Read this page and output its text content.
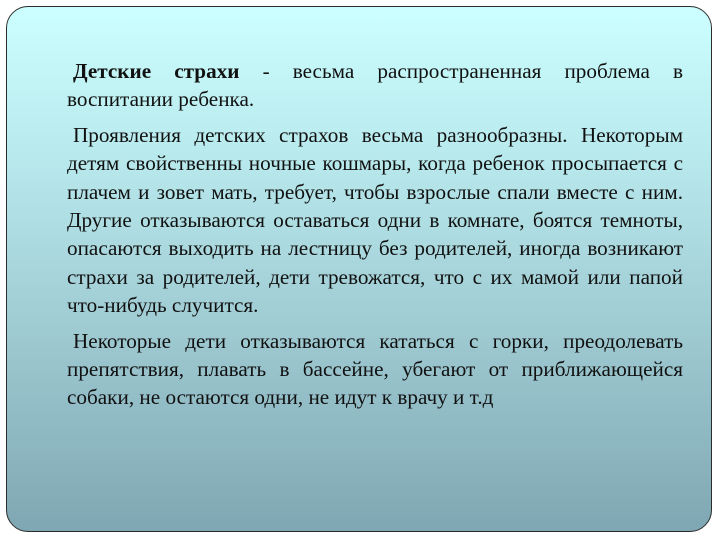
Детские страхи - весьма распространенная проблема в воспитании ребенка.

Проявления детских страхов весьма разнообразны. Некоторым детям свойственны ночные кошмары, когда ребенок просыпается с плачем и зовет мать, требует, чтобы взрослые спали вместе с ним. Другие отказываются оставаться одни в комнате, боятся темноты, опасаются выходить на лестницу без родителей, иногда возникают страхи за родителей, дети тревожатся, что с их мамой или папой что-нибудь случится.

Некоторые дети отказываются кататься с горки, преодолевать препятствия, плавать в бассейне, убегают от приближающейся собаки, не остаются одни, не идут к врачу и т.д
